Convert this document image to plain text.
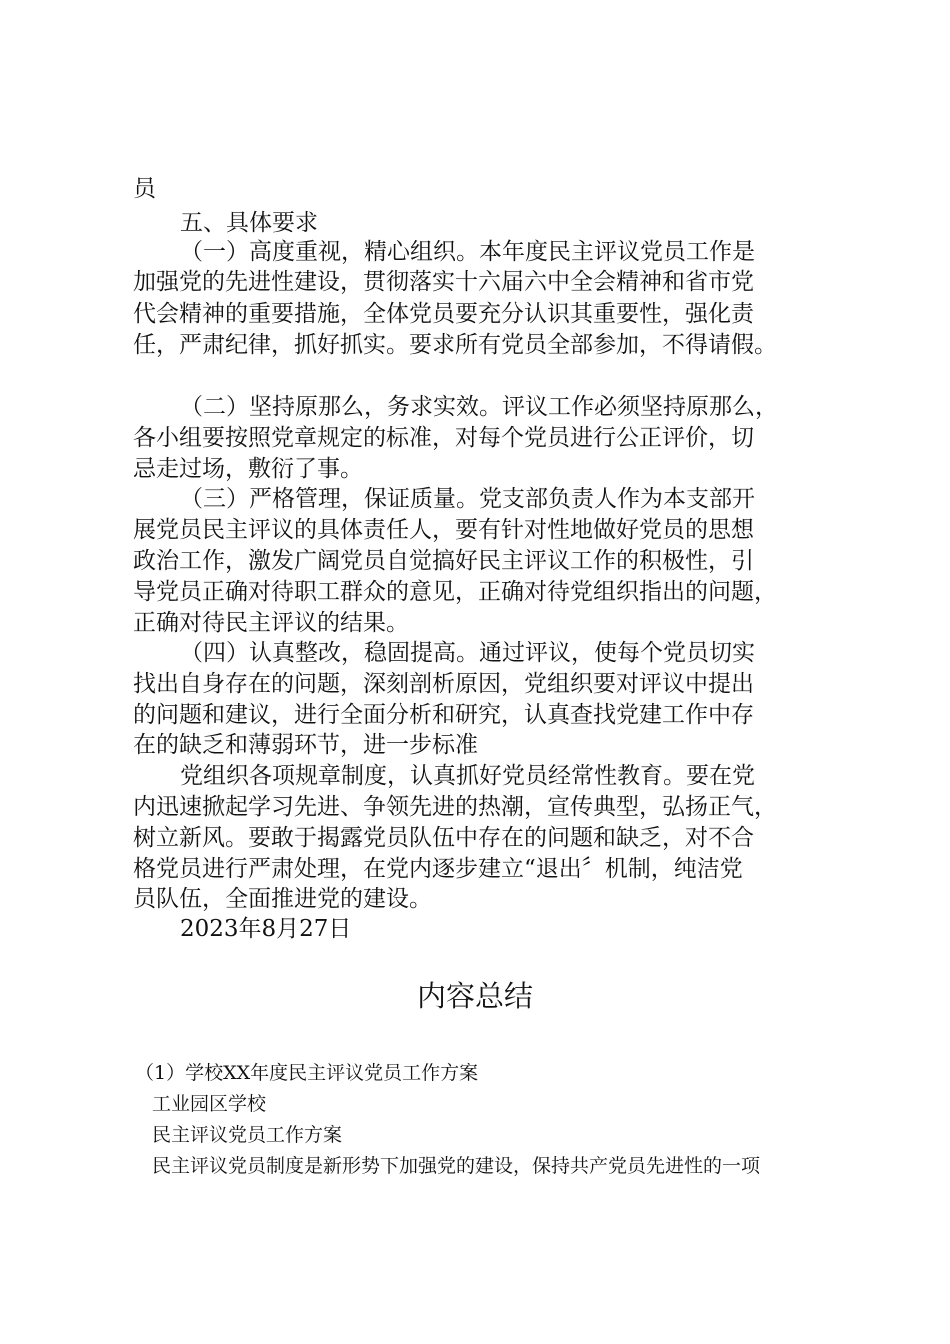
员
五、具体要求
（一）高度重视，精心组织。本年度民主评议党员工作是
加强党的先进性建设，贯彻落实十六届六中全会精神和省市党
代会精神的重要措施，全体党员要充分认识其重要性，强化责
任，严肃纪律，抓好抓实。要求所有党员全部参加，不得请假。
（二）坚持原那么，务求实效。评议工作必须坚持原那么，
各小组要按照党章规定的标准，对每个党员进行公正评价，切
忌走过场，敷衍了事。
（三）严格管理，保证质量。党支部负责人作为本支部开
展党员民主评议的具体责任人，要有针对性地做好党员的思想
政治工作，激发广阔党员自觉搞好民主评议工作的积极性，引
导党员正确对待职工群众的意见，正确对待党组织指出的问题，
正确对待民主评议的结果。
（四）认真整改，稳固提高。通过评议，使每个党员切实
找出自身存在的问题，深刻剖析原因，党组织要对评议中提出
的问题和建议，进行全面分析和研究，认真查找党建工作中存
在的缺乏和薄弱环节，进一步标准
党组织各项规章制度，认真抓好党员经常性教育。要在党
内迅速掀起学习先进、争领先进的热潮，宣传典型，弘扬正气，
树立新风。要敢于揭露党员队伍中存在的问题和缺乏，对不合
格党员进行严肃处理，在党内逐步建立“退出〞机制，纯洁党
员队伍，全面推进党的建设。
2023年8月27日
内容总结
（1）学校XX年度民主评议党员工作方案
工业园区学校
民主评议党员工作方案
民主评议党员制度是新形势下加强党的建设，保持共产党员先进性的一项
